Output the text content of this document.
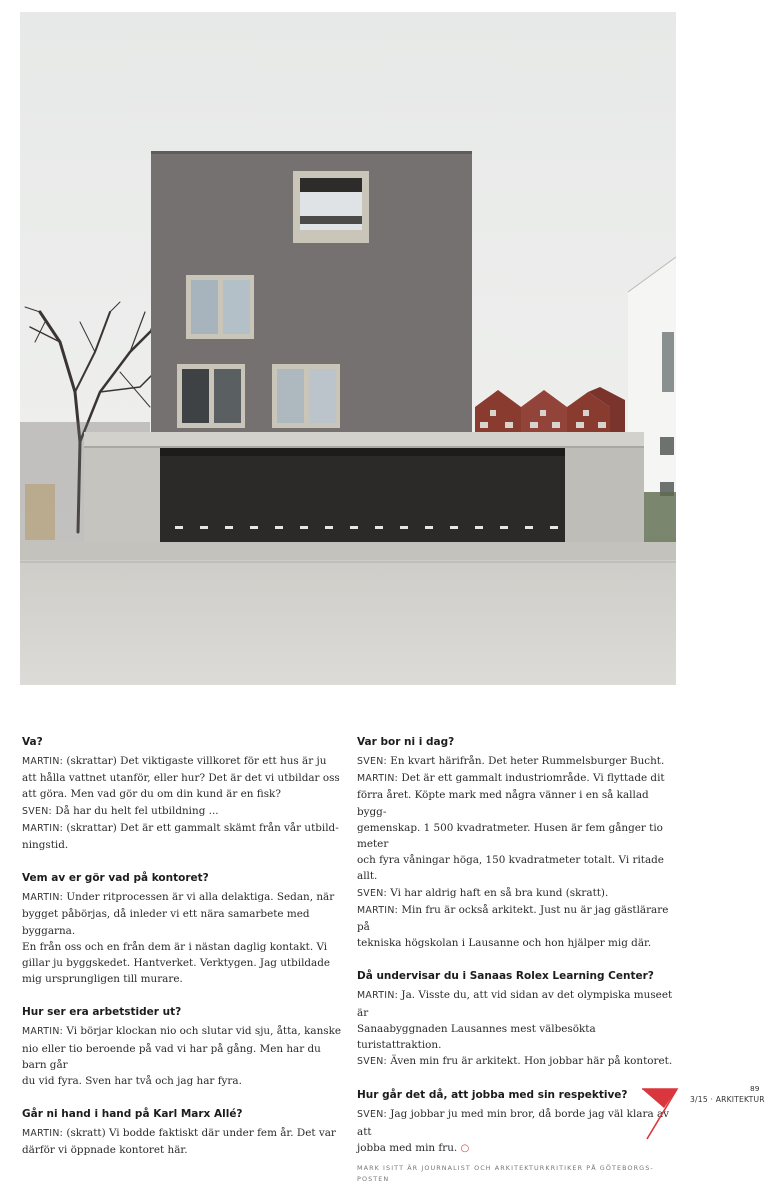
Va?
MARTIN: (skrattar) Det viktigaste villkoret för ett hus är ju
att hålla vattnet utanför, eller hur? Det är det vi utbildar oss
att göra. Men vad gör du om din kund är en fisk?
SVEN: Då har du helt fel utbildning ...
MARTIN: (skrattar) Det är ett gammalt skämt från vår utbild-
ningstid.
Vem av er gör vad på kontoret?
MARTIN: Under ritprocessen är vi alla delaktiga. Sedan, när
bygget påbörjas, då inleder vi ett nära samarbete med byggarna.
En från oss och en från dem är i nästan daglig kontakt. Vi
gillar ju byggskedet. Hantverket. Verktygen. Jag utbildade
mig ursprungligen till murare.
Hur ser era arbetstider ut?
MARTIN: Vi börjar klockan nio och slutar vid sju, åtta, kanske
nio eller tio beroende på vad vi har på gång. Men har du barn går
du vid fyra. Sven har två och jag har fyra.
Går ni hand i hand på Karl Marx Allé?
MARTIN: (skratt) Vi bodde faktiskt där under fem år. Det var
därför vi öppnade kontoret här.
Var bor ni i dag?
SVEN: En kvart härifrån. Det heter Rummelsburger Bucht.
MARTIN: Det är ett gammalt industriområde. Vi flyttade dit
förra året. Köpte mark med några vänner i en så kallad bygg-
gemenskap. 1 500 kvadratmeter. Husen är fem gånger tio meter
och fyra våningar höga, 150 kvadratmeter totalt. Vi ritade allt.
SVEN: Vi har aldrig haft en så bra kund (skratt).
MARTIN: Min fru är också arkitekt. Just nu är jag gästlärare på
tekniska högskolan i Lausanne och hon hjälper mig där.
Då undervisar du i Sanaas Rolex Learning Center?
MARTIN: Ja. Visste du, att vid sidan av det olympiska museet är
Sanaabyggnaden Lausannes mest välbesökta turistattraktion.
SVEN: Även min fru är arkitekt. Hon jobbar här på kontoret.
Hur går det då, att jobba med sin respektive?
SVEN: Jag jobbar ju med min bror, då borde jag väl klara av att
jobba med min fru. ○
MARK ISITT ÄR JOURNALIST OCH ARKITEKTURKRITIKER PÅ GÖTEBORGS-POSTEN
89
3/15 · ARKITEKTUR
